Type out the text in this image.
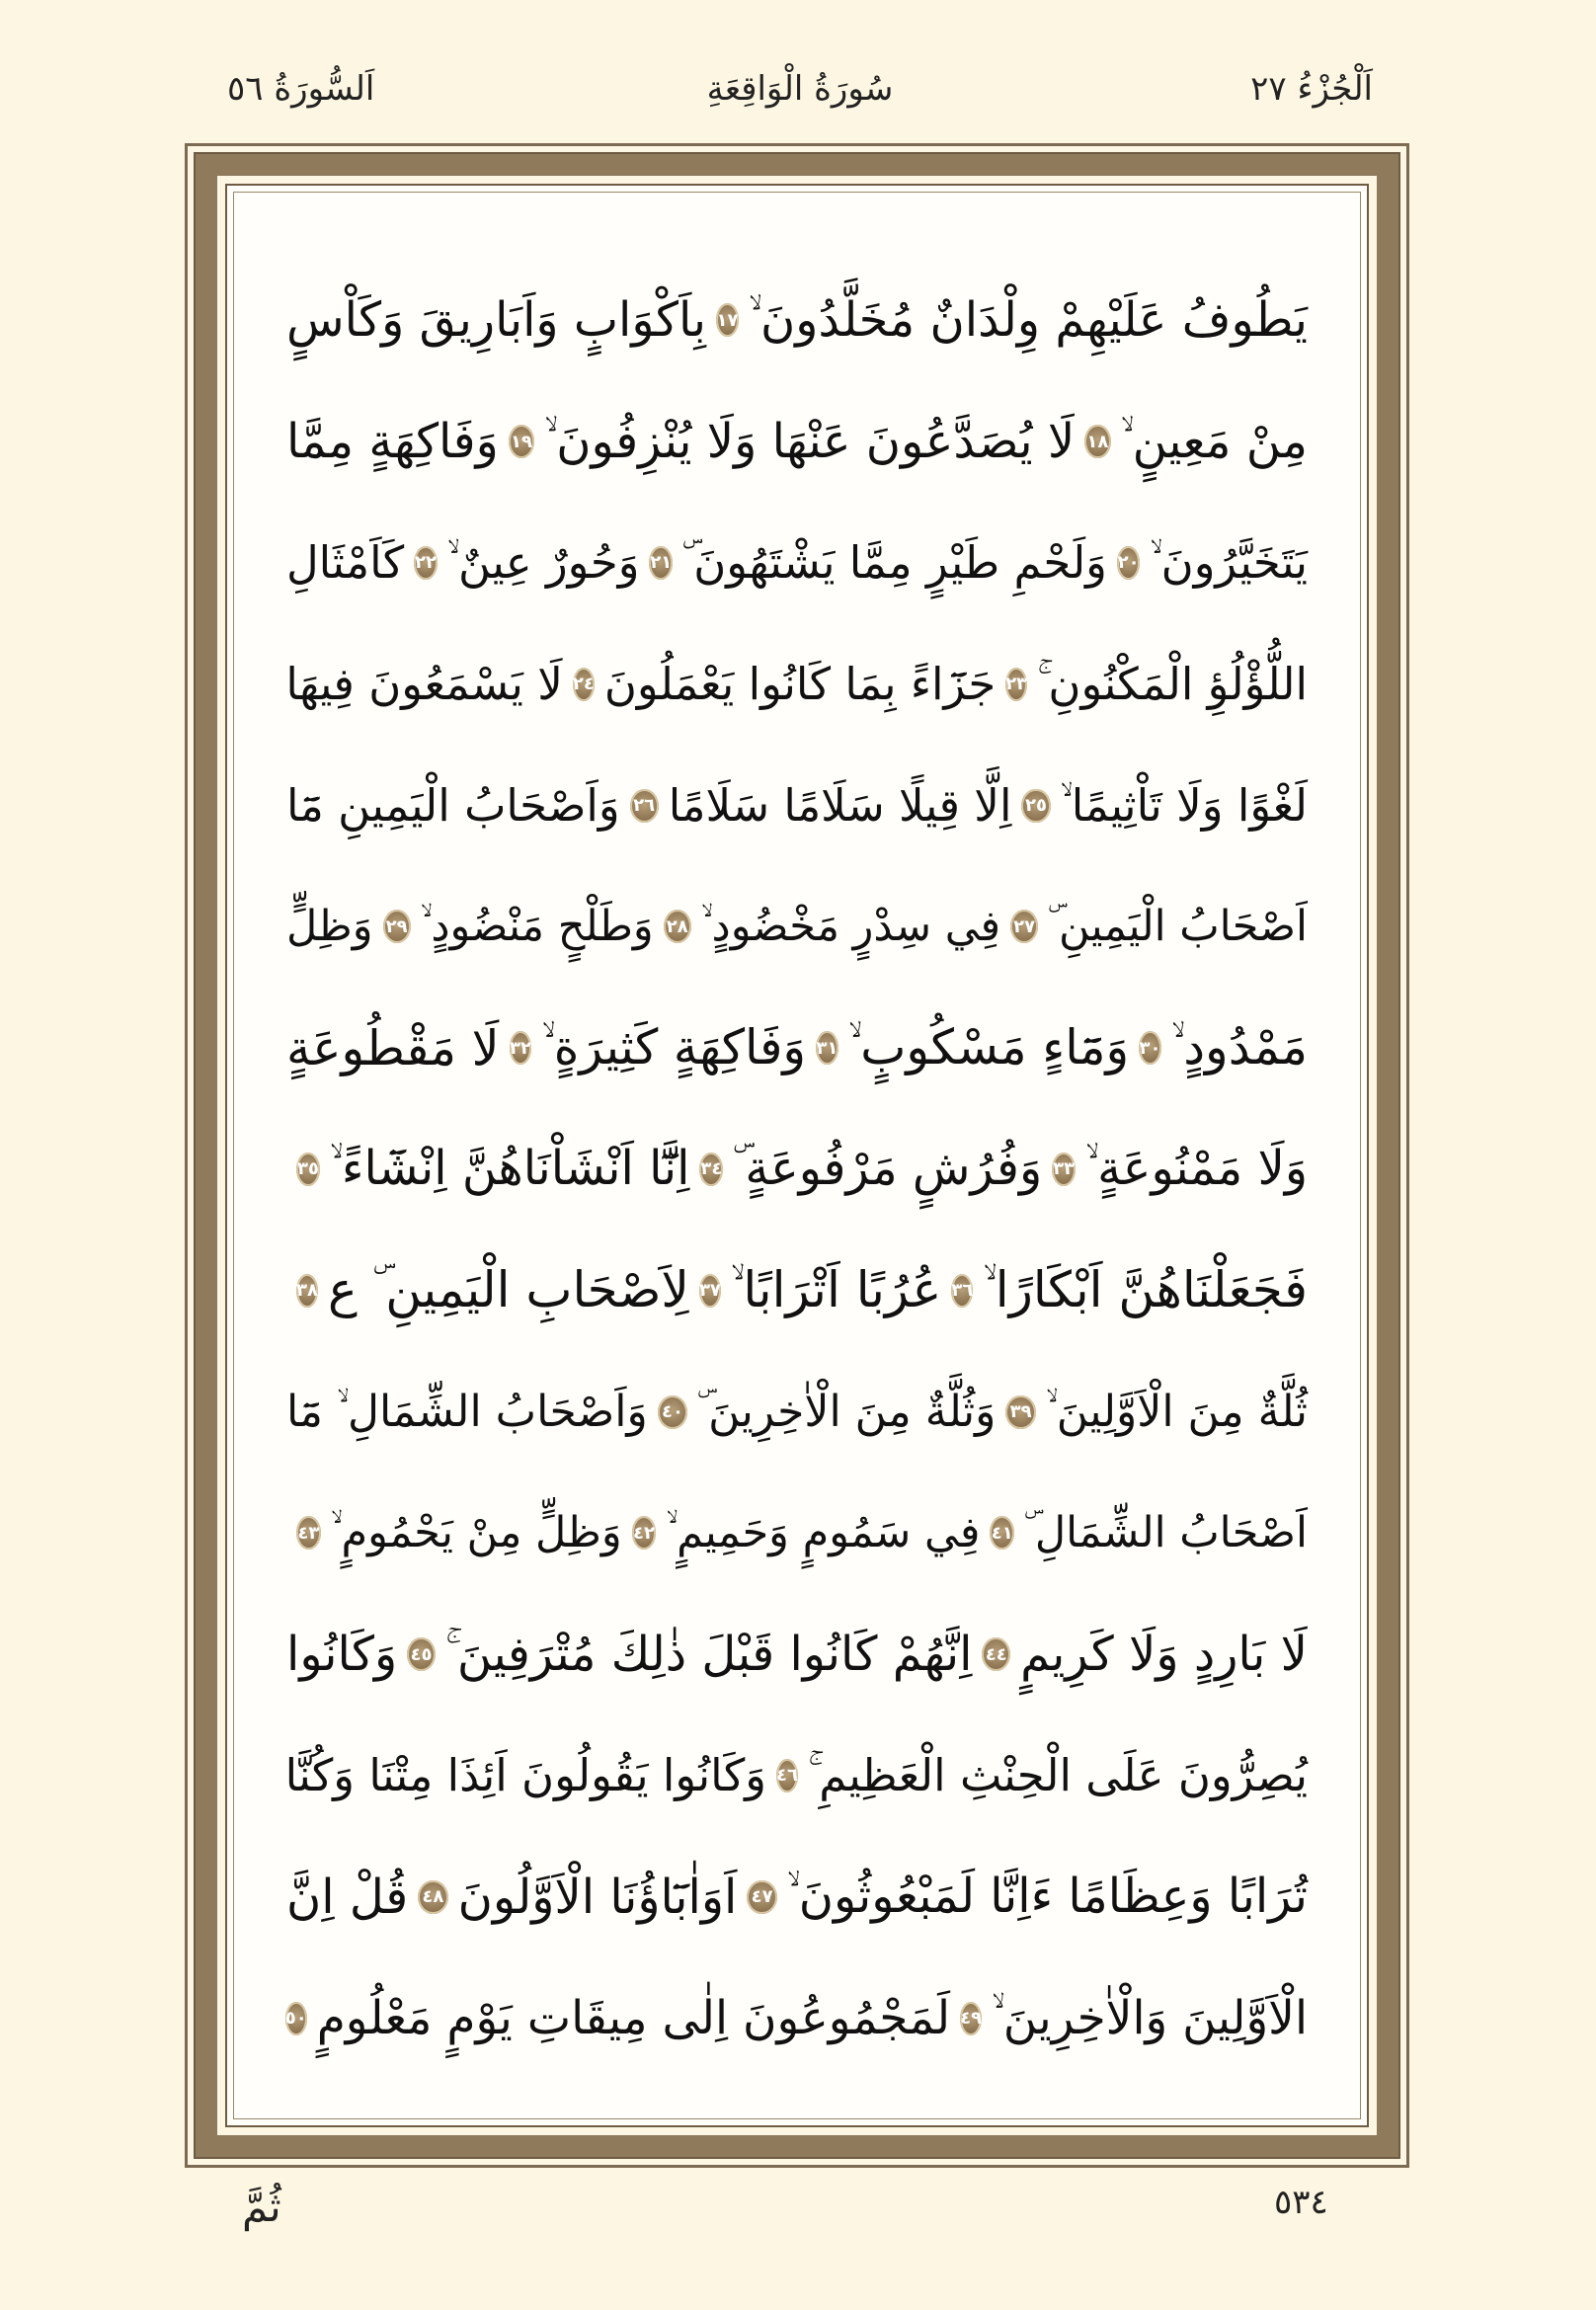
اَلْجُزْءُ ٢٧
سُورَةُ الْوَاقِعَةِ
اَلسُّورَةُ ٥٦
يَطُوفُ عَلَيْهِمْ وِلْدَانٌ مُخَلَّدُونَ ۙ
١٧
بِاَكْوَابٍ وَاَبَارِيقَ وَكَاْسٍ
مِنْ مَعِينٍ ۙ
١٨
لَا يُصَدَّعُونَ عَنْهَا وَلَا يُنْزِفُونَ ۙ
١٩
وَفَاكِهَةٍ مِمَّا
يَتَخَيَّرُونَ ۙ
٢٠
وَلَحْمِ طَيْرٍ مِمَّا يَشْتَهُونَ ۜ
٢١
وَحُورٌ عِينٌ ۙ
٢٢
كَاَمْثَالِ
اللُّؤْلُؤِ الْمَكْنُونِ ۚ
٢٣
جَزَٓاءً بِمَا كَانُوا يَعْمَلُونَ
٢٤
لَا يَسْمَعُونَ فِيهَا
لَغْوًا وَلَا تَاْثِيمًا ۙ
٢٥
اِلَّا قِيلًا سَلَامًا سَلَامًا
٢٦
وَاَصْحَابُ الْيَمِينِ مَٓا
اَصْحَابُ الْيَمِينِ ۜ
٢٧
فِي سِدْرٍ مَخْضُودٍ ۙ
٢٨
وَطَلْحٍ مَنْضُودٍ ۙ
٢٩
وَظِلٍّ
مَمْدُودٍ ۙ
٣٠
وَمَٓاءٍ مَسْكُوبٍ ۙ
٣١
وَفَاكِهَةٍ كَثِيرَةٍ ۙ
٣٢
لَا مَقْطُوعَةٍ
وَلَا مَمْنُوعَةٍ ۙ
٣٣
وَفُرُشٍ مَرْفُوعَةٍ ۜ
٣٤
اِنَّٓا اَنْشَاْنَاهُنَّ اِنْشَٓاءً ۙ
٣٥
فَجَعَلْنَاهُنَّ اَبْكَارًا ۙ
٣٦
عُرُبًا اَتْرَابًا ۙ
٣٧
لِاَصْحَابِ الْيَمِينِ ۜ ع
٣٨
ثُلَّةٌ مِنَ الْاَوَّلِينَ ۙ
٣٩
وَثُلَّةٌ مِنَ الْاٰخِرِينَ ۜ
٤٠
وَاَصْحَابُ الشِّمَالِ ۙ مَٓا
اَصْحَابُ الشِّمَالِ ۜ
٤١
فِي سَمُومٍ وَحَمِيمٍ ۙ
٤٢
وَظِلٍّ مِنْ يَحْمُومٍ ۙ
٤٣
لَا بَارِدٍ وَلَا كَرِيمٍ
٤٤
اِنَّهُمْ كَانُوا قَبْلَ ذٰلِكَ مُتْرَفِينَ ۚ
٤٥
وَكَانُوا
يُصِرُّونَ عَلَى الْحِنْثِ الْعَظِيمِ ۚ
٤٦
وَكَانُوا يَقُولُونَ اَئِذَا مِتْنَا وَكُنَّا
تُرَابًا وَعِظَامًا ءَاِنَّا لَمَبْعُوثُونَ ۙ
٤٧
اَوَاٰبَٓاؤُنَا الْاَوَّلُونَ
٤٨
قُلْ اِنَّ
الْاَوَّلِينَ وَالْاٰخِرِينَ ۙ
٤٩
لَمَجْمُوعُونَ اِلٰى مِيقَاتِ يَوْمٍ مَعْلُومٍ
٥٠
٥٣٤
ثُمَّ
